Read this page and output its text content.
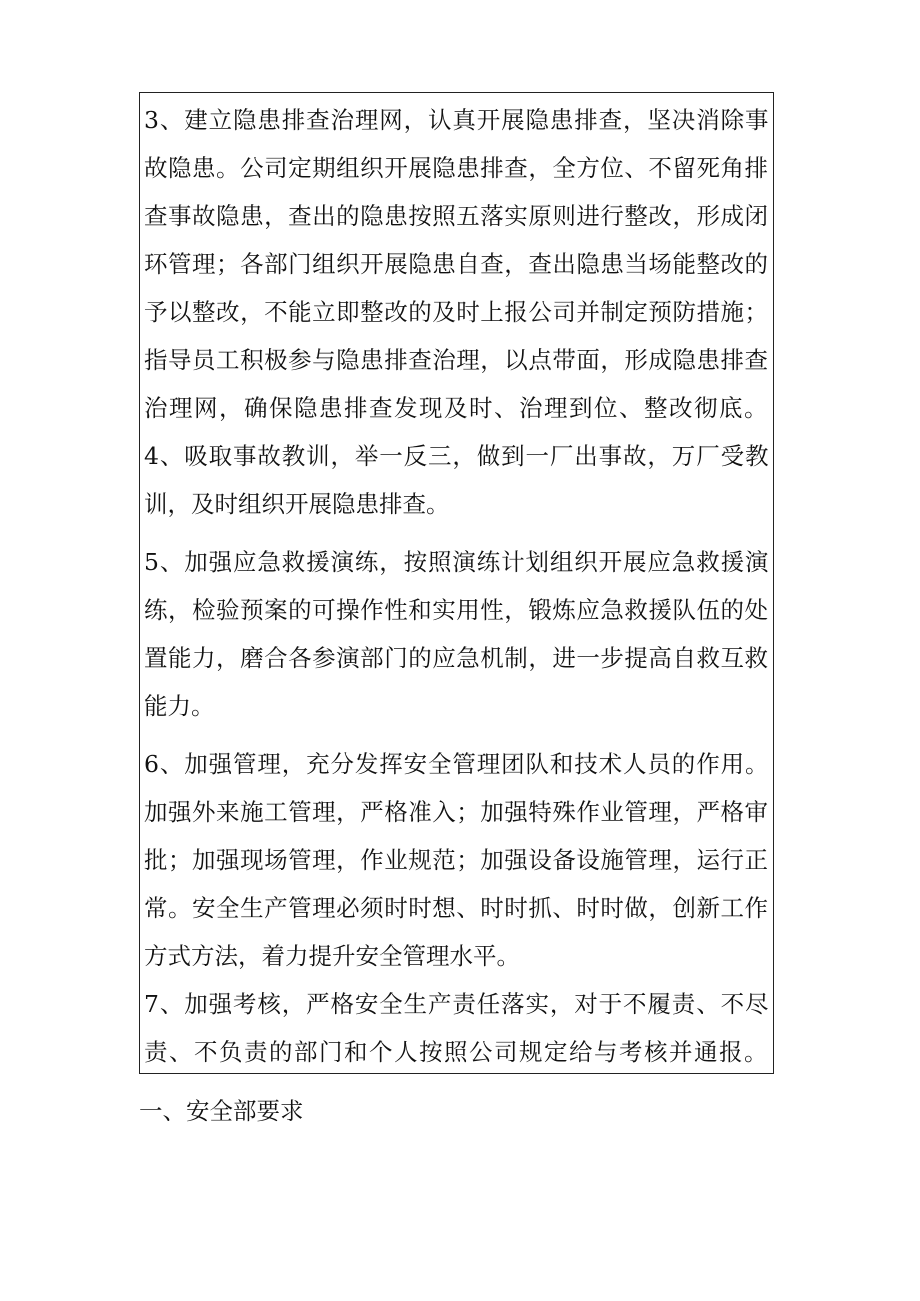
3、建立隐患排查治理网，认真开展隐患排查，坚决消除事
故隐患。公司定期组织开展隐患排查，全方位、不留死角排
查事故隐患，查出的隐患按照五落实原则进行整改，形成闭
环管理；各部门组织开展隐患自查，查出隐患当场能整改的
予以整改，不能立即整改的及时上报公司并制定预防措施；
指导员工积极参与隐患排查治理，以点带面，形成隐患排查
治理网，确保隐患排查发现及时、治理到位、整改彻底。
4、吸取事故教训，举一反三，做到一厂出事故，万厂受教
训，及时组织开展隐患排查。
5、加强应急救援演练，按照演练计划组织开展应急救援演
练，检验预案的可操作性和实用性，锻炼应急救援队伍的处
置能力，磨合各参演部门的应急机制，进一步提高自救互救
能力。
6、加强管理，充分发挥安全管理团队和技术人员的作用。
加强外来施工管理，严格准入；加强特殊作业管理，严格审
批；加强现场管理，作业规范；加强设备设施管理，运行正
常。安全生产管理必须时时想、时时抓、时时做，创新工作
方式方法，着力提升安全管理水平。
7、加强考核，严格安全生产责任落实，对于不履责、不尽
责、不负责的部门和个人按照公司规定给与考核并通报。
一、安全部要求
